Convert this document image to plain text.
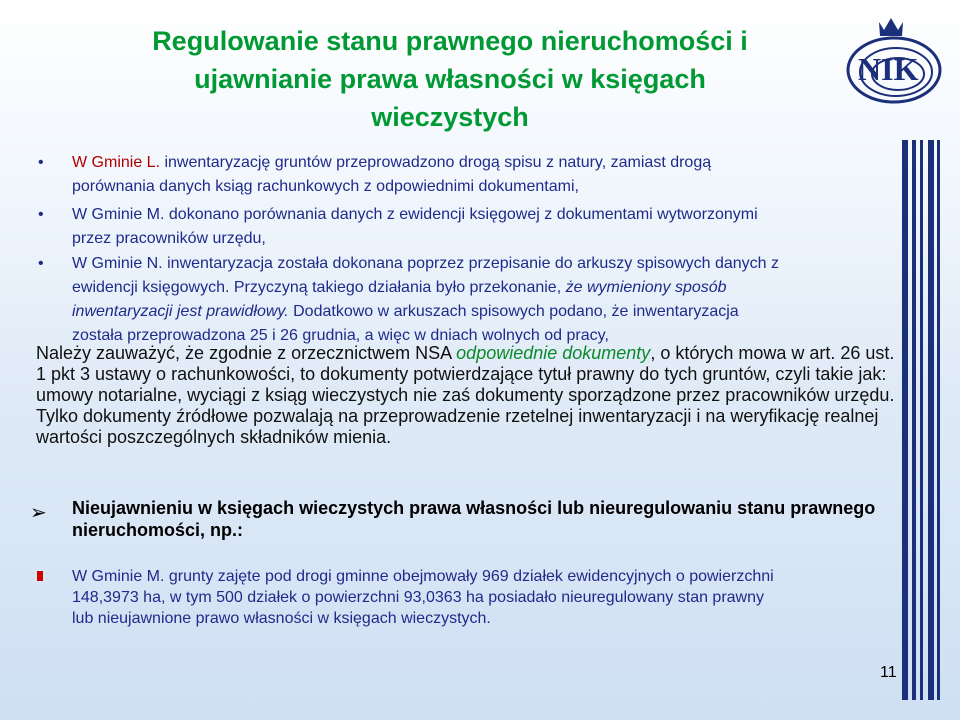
Regulowanie stanu prawnego nieruchomości i
ujawnianie prawa własności w księgach
wieczystych
NIK
• W Gminie L. inwentaryzację gruntów przeprowadzono drogą spisu z natury, zamiast drogą
porównania danych ksiąg rachunkowych z odpowiednimi dokumentami,
• W Gminie M. dokonano porównania danych z ewidencji księgowej z dokumentami wytworzonymi
przez pracowników urzędu,
• W Gminie N. inwentaryzacja została dokonana poprzez przepisanie do arkuszy spisowych danych z
ewidencji księgowych. Przyczyną takiego działania było przekonanie, że wymieniony sposób
inwentaryzacji jest prawidłowy. Dodatkowo w arkuszach spisowych podano, że inwentaryzacja
została przeprowadzona 25 i 26 grudnia, a więc w dniach wolnych od pracy,
Należy zauważyć, że zgodnie z orzecznictwem NSA odpowiednie dokumenty, o których mowa w art. 26 ust. 1 pkt 3 ustawy o rachunkowości, to dokumenty potwierdzające tytuł prawny do tych gruntów, czyli takie jak: umowy notarialne, wyciągi z ksiąg wieczystych nie zaś dokumenty sporządzone przez pracowników urzędu. Tylko dokumenty źródłowe pozwalają na przeprowadzenie rzetelnej inwentaryzacji i na weryfikację realnej wartości poszczególnych składników mienia.
➢ Nieujawnieniu w księgach wieczystych prawa własności lub nieuregulowaniu stanu prawnego nieruchomości, np.:
W Gminie M. grunty zajęte pod drogi gminne obejmowały 969 działek ewidencyjnych o powierzchni
148,3973 ha, w tym 500 działek o powierzchni 93,0363 ha posiadało nieuregulowany stan prawny
lub nieujawnione prawo własności w księgach wieczystych.
11
